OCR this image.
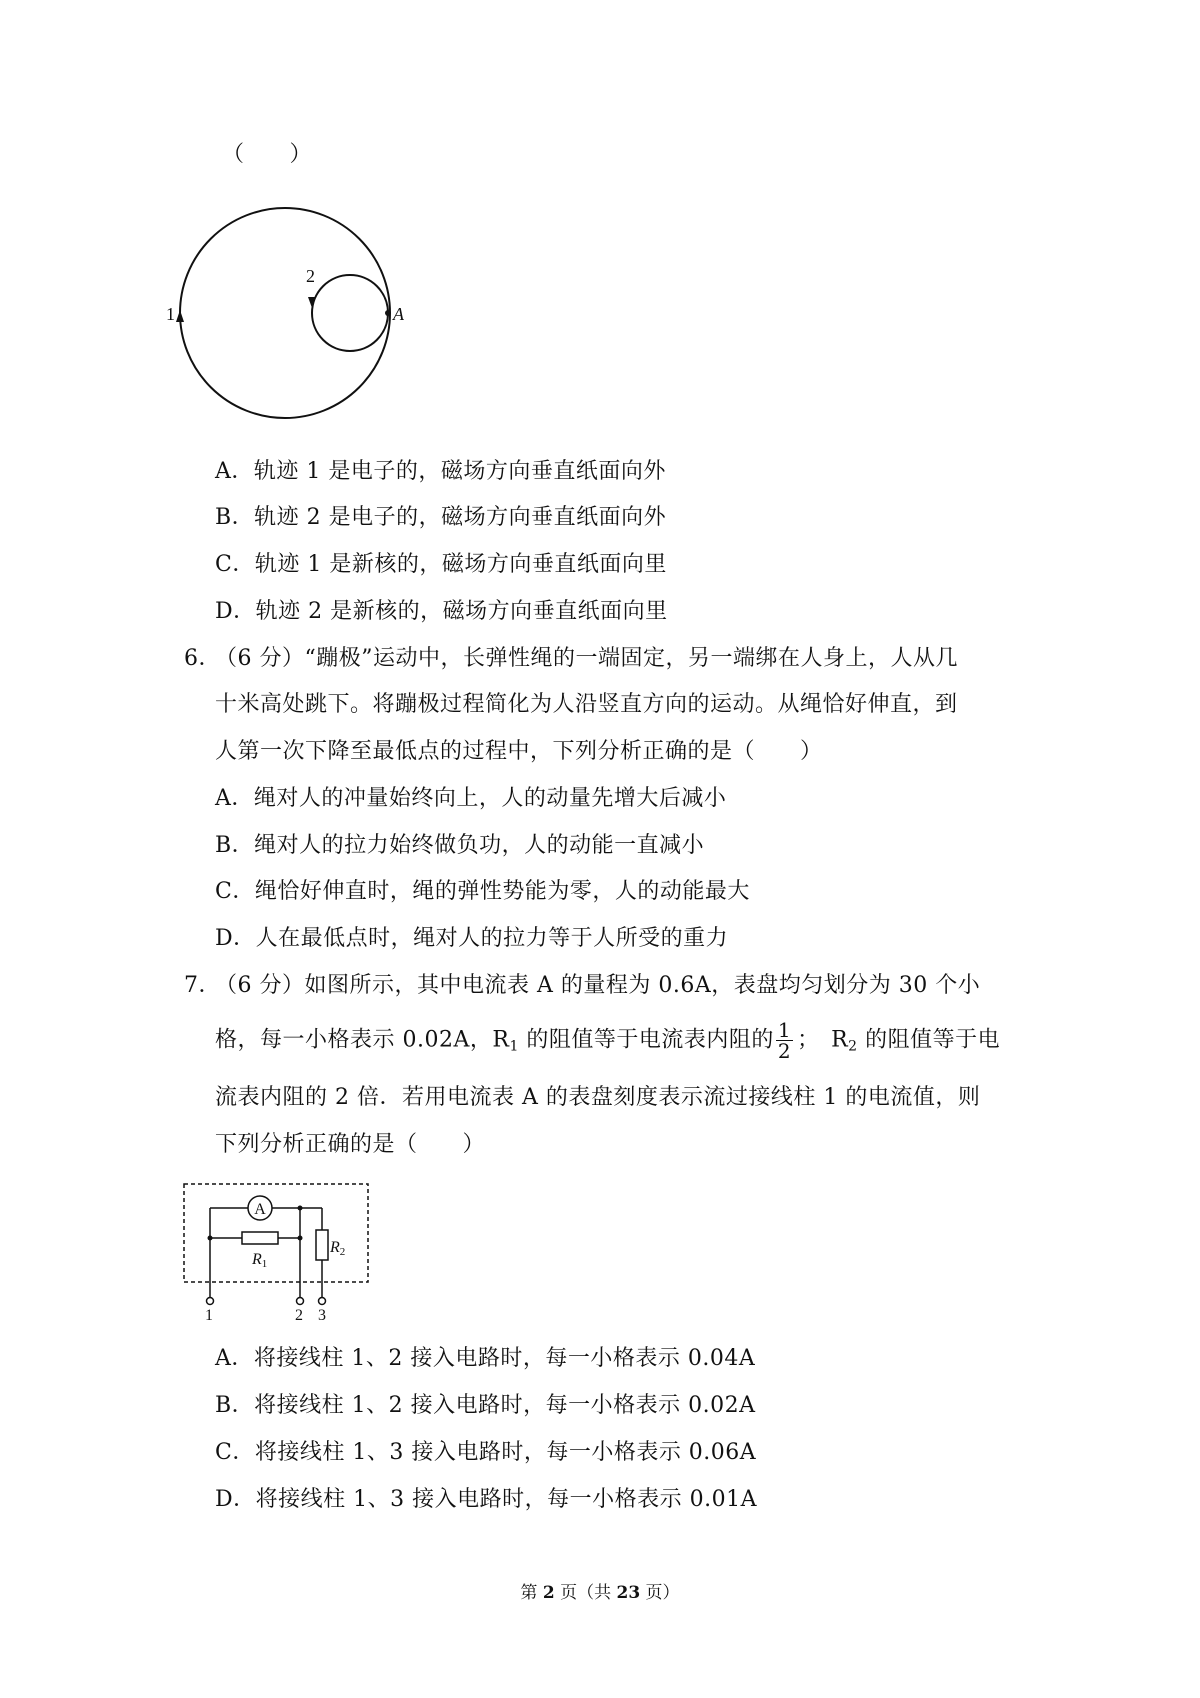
（　　）
1
2
A
A．轨迹 1 是电子的，磁场方向垂直纸面向外
B．轨迹 2 是电子的，磁场方向垂直纸面向外
C．轨迹 1 是新核的，磁场方向垂直纸面向里
D．轨迹 2 是新核的，磁场方向垂直纸面向里
6．
（6 分）“蹦极”运动中，长弹性绳的一端固定，另一端绑在人身上，人从几
十米高处跳下。将蹦极过程简化为人沿竖直方向的运动。从绳恰好伸直，到
人第一次下降至最低点的过程中，下列分析正确的是（　　）
A．绳对人的冲量始终向上，人的动量先增大后减小
B．绳对人的拉力始终做负功，人的动能一直减小
C．绳恰好伸直时，绳的弹性势能为零，人的动能最大
D．人在最低点时，绳对人的拉力等于人所受的重力
7．
（6 分）如图所示，其中电流表 A 的量程为 0.6A，表盘均匀划分为 30 个小
格，每一小格表示 0.02A，$R_1$ 的阻值等于电流表内阻的 $\frac{1}{2}$ ；　$R_2$ 的阻值等于电
流表内阻的 2 倍．若用电流表 A 的表盘刻度表示流过接线柱 1 的电流值，则
下列分析正确的是（　　）
A
R1
R2
1	2 3
A．将接线柱 1、2 接入电路时，每一小格表示 0.04A
B．将接线柱 1、2 接入电路时，每一小格表示 0.02A
C．将接线柱 1、3 接入电路时，每一小格表示 0.06A
D．将接线柱 1、3 接入电路时，每一小格表示 0.01A
第 2 页（共 23 页）
